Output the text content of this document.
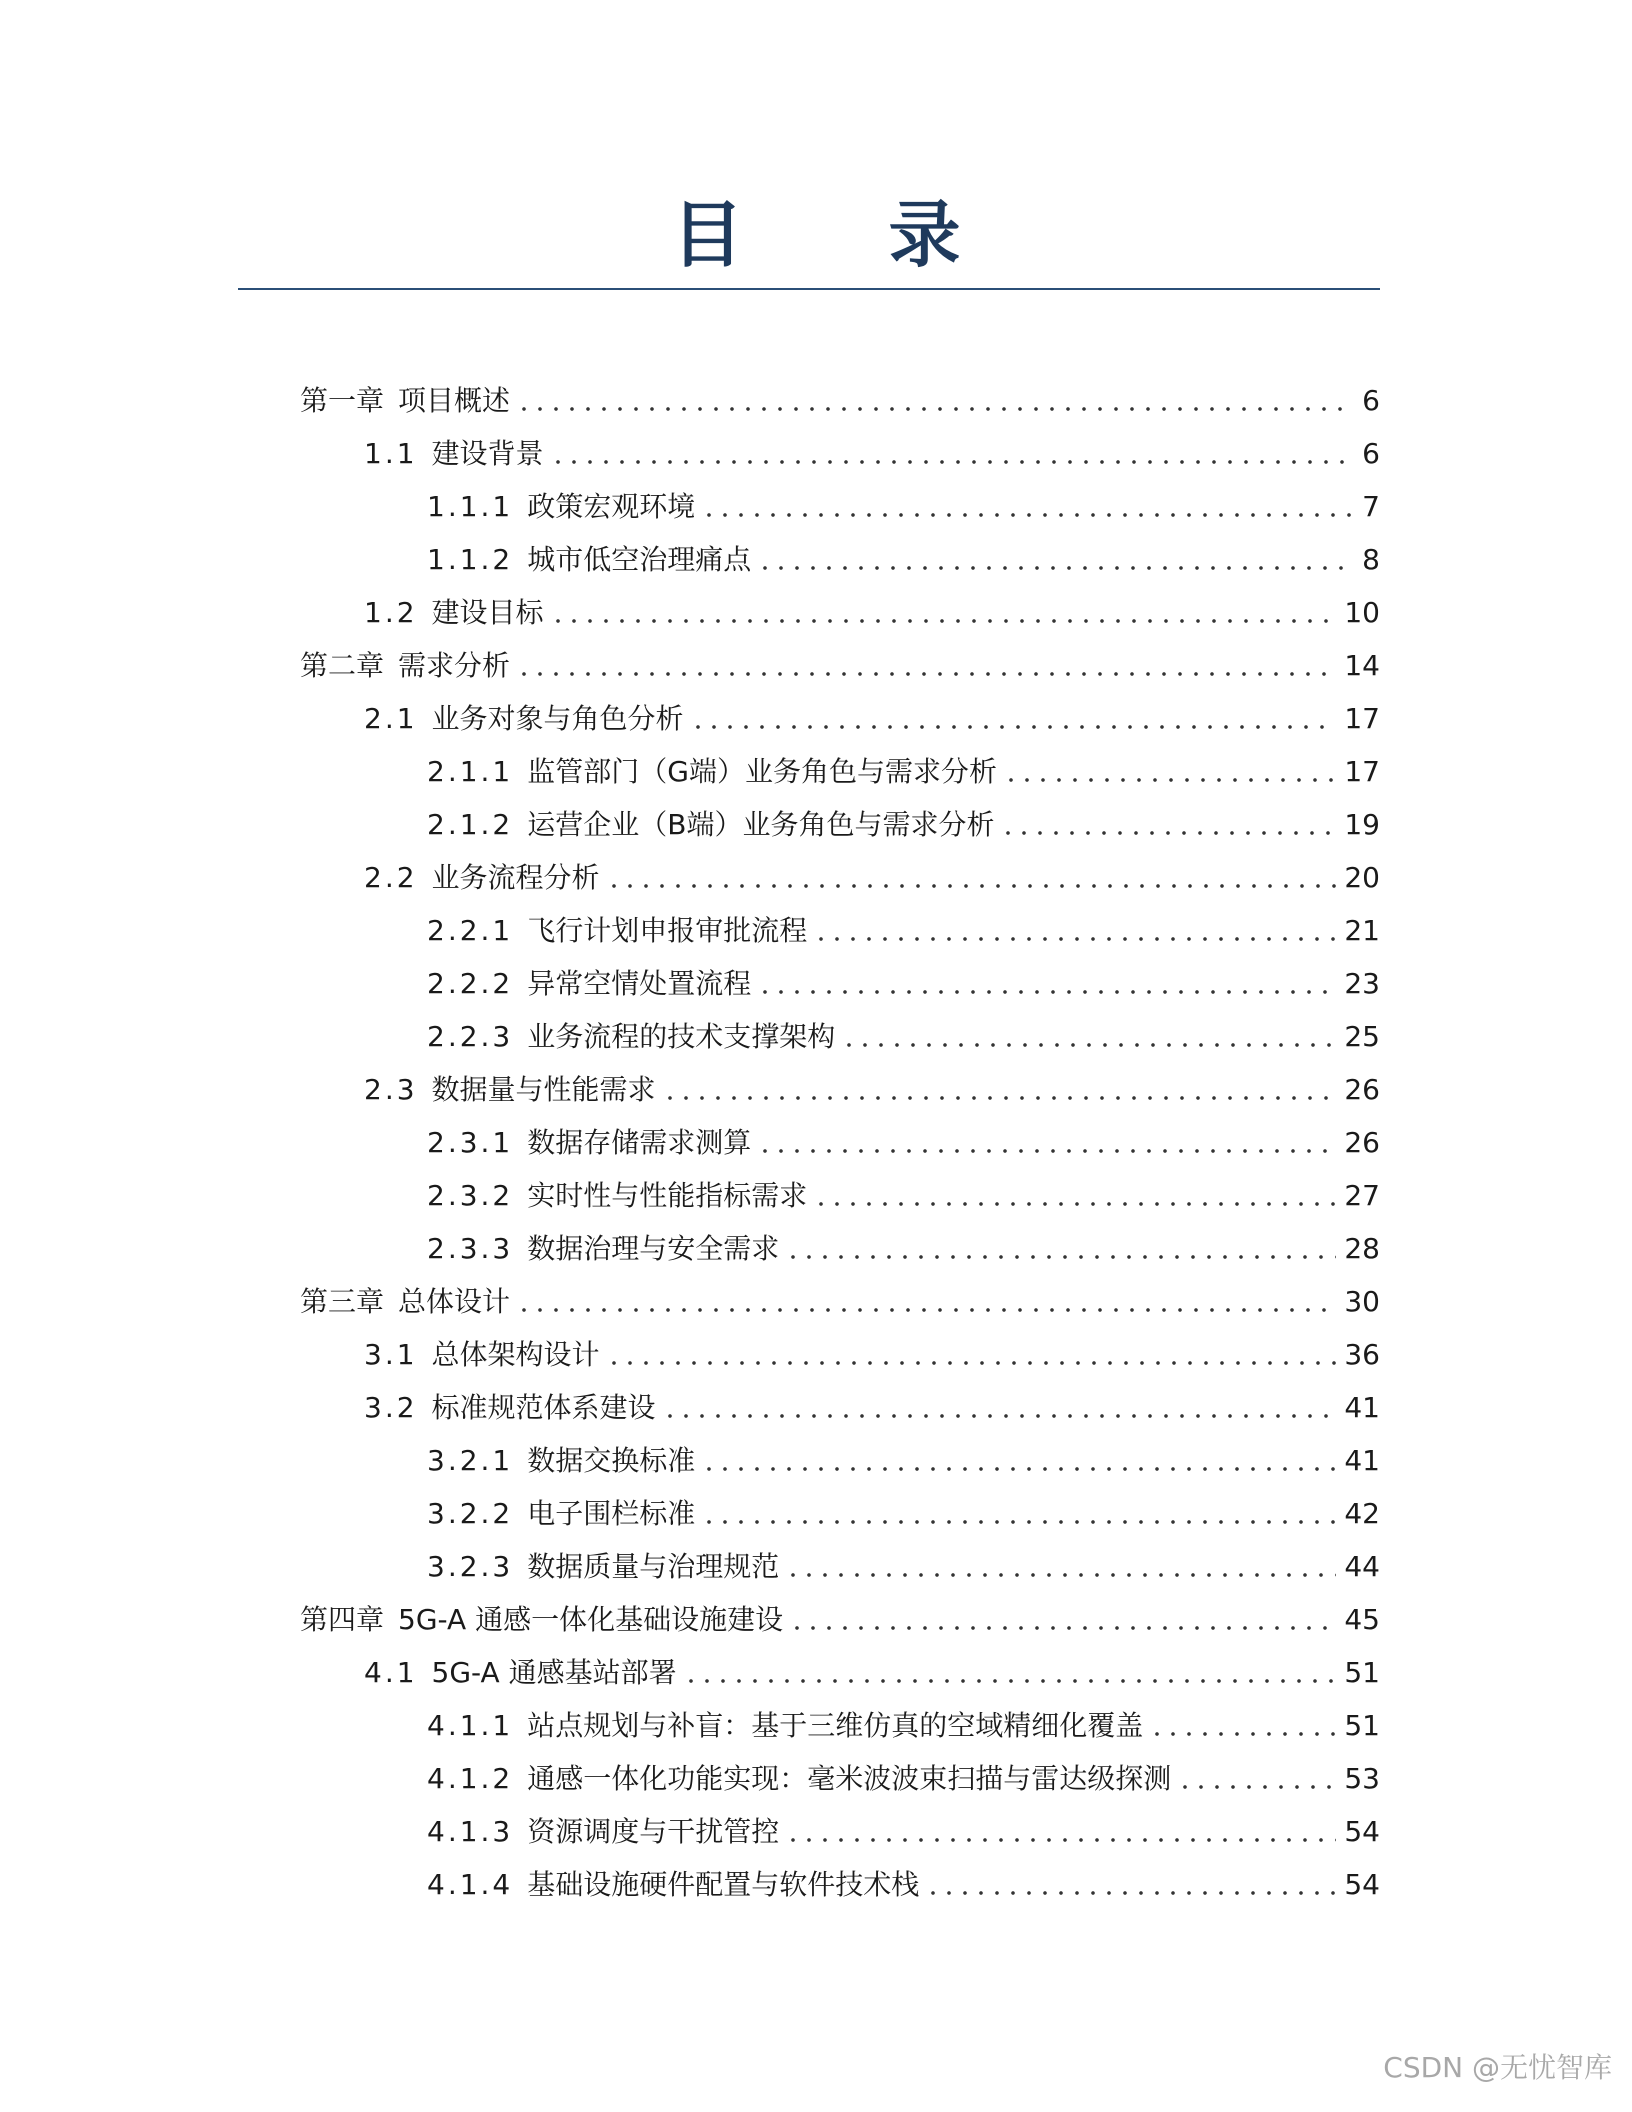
目 录
第一章 项目概述	6
1.1 建设背景	6
1.1.1 政策宏观环境	7
1.1.2 城市低空治理痛点	8
1.2 建设目标	10
第二章 需求分析	14
2.1 业务对象与角色分析	17
2.1.1 监管部门（G端）业务角色与需求分析	17
2.1.2 运营企业（B端）业务角色与需求分析	19
2.2 业务流程分析	20
2.2.1 飞行计划申报审批流程	21
2.2.2 异常空情处置流程	23
2.2.3 业务流程的技术支撑架构	25
2.3 数据量与性能需求	26
2.3.1 数据存储需求测算	26
2.3.2 实时性与性能指标需求	27
2.3.3 数据治理与安全需求	28
第三章 总体设计	30
3.1 总体架构设计	36
3.2 标准规范体系建设	41
3.2.1 数据交换标准	41
3.2.2 电子围栏标准	42
3.2.3 数据质量与治理规范	44
第四章 5G-A 通感一体化基础设施建设	45
4.1 5G-A 通感基站部署	51
4.1.1 站点规划与补盲：基于三维仿真的空域精细化覆盖	51
4.1.2 通感一体化功能实现：毫米波波束扫描与雷达级探测	53
4.1.3 资源调度与干扰管控	54
4.1.4 基础设施硬件配置与软件技术栈	54
CSDN @无忧智库
